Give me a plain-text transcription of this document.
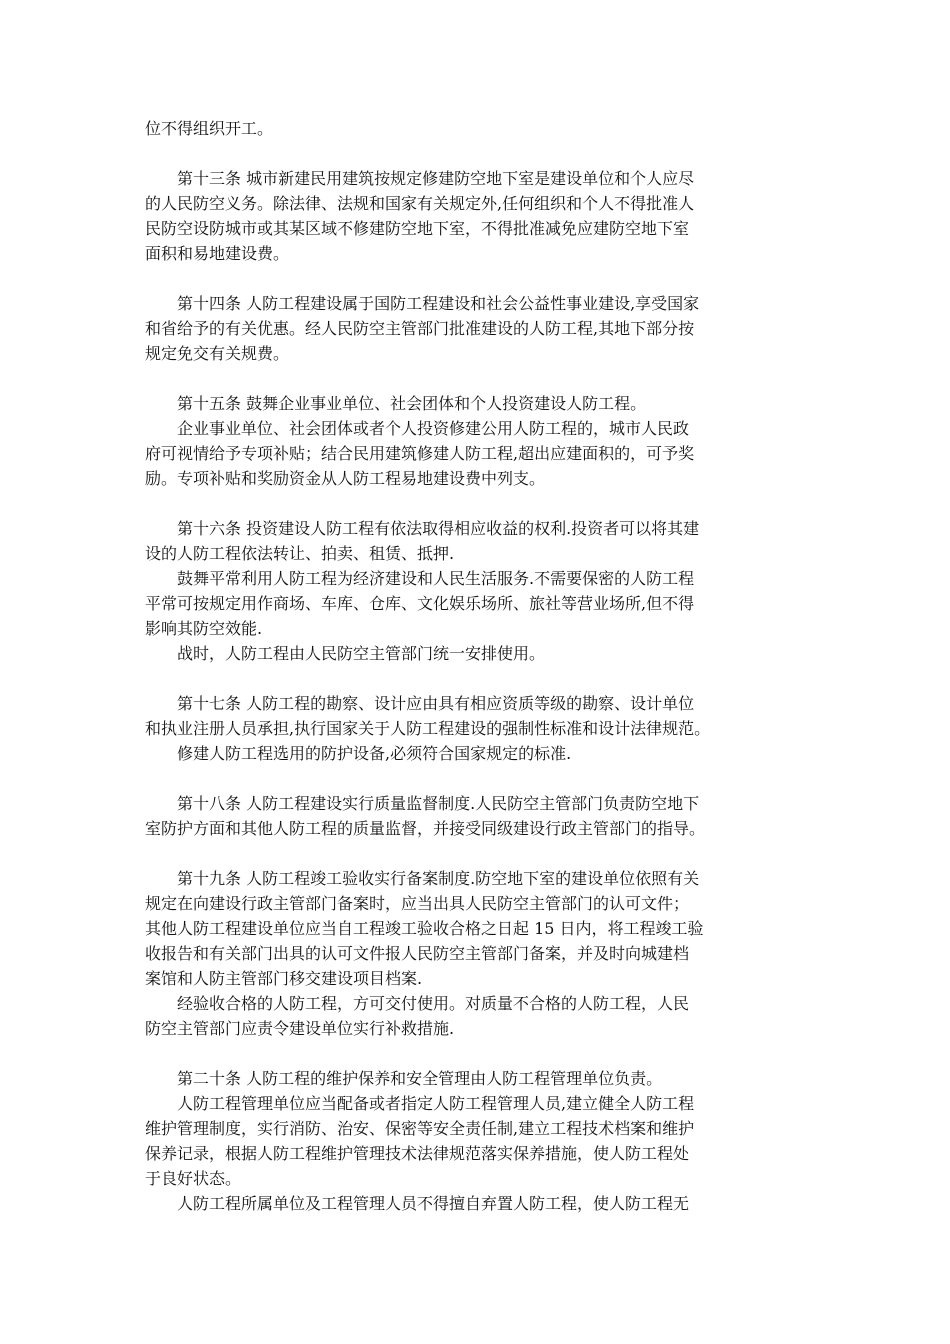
位不得组织开工。

　　第十三条 城市新建民用建筑按规定修建防空地下室是建设单位和个人应尽

的人民防空义务。除法律、法规和国家有关规定外,任何组织和个人不得批准人

民防空设防城市或其某区域不修建防空地下室，不得批准减免应建防空地下室

面积和易地建设费。

　　第十四条 人防工程建设属于国防工程建设和社会公益性事业建设,享受国家

和省给予的有关优惠。经人民防空主管部门批准建设的人防工程,其地下部分按

规定免交有关规费。

　　第十五条 鼓舞企业事业单位、社会团体和个人投资建设人防工程。

　　企业事业单位、社会团体或者个人投资修建公用人防工程的，城市人民政

府可视情给予专项补贴；结合民用建筑修建人防工程,超出应建面积的，可予奖

励。专项补贴和奖励资金从人防工程易地建设费中列支。

　　第十六条 投资建设人防工程有依法取得相应收益的权利.投资者可以将其建

设的人防工程依法转让、拍卖、租赁、抵押.

　　鼓舞平常利用人防工程为经济建设和人民生活服务.不需要保密的人防工程

平常可按规定用作商场、车库、仓库、文化娱乐场所、旅社等营业场所,但不得

影响其防空效能.

　　战时，人防工程由人民防空主管部门统一安排使用。

　　第十七条 人防工程的勘察、设计应由具有相应资质等级的勘察、设计单位

和执业注册人员承担,执行国家关于人防工程建设的强制性标准和设计法律规范。

　　修建人防工程选用的防护设备,必须符合国家规定的标准.

　　第十八条 人防工程建设实行质量监督制度.人民防空主管部门负责防空地下

室防护方面和其他人防工程的质量监督，并接受同级建设行政主管部门的指导。

　　第十九条 人防工程竣工验收实行备案制度.防空地下室的建设单位依照有关

规定在向建设行政主管部门备案时，应当出具人民防空主管部门的认可文件；

其他人防工程建设单位应当自工程竣工验收合格之日起 15 日内，将工程竣工验

收报告和有关部门出具的认可文件报人民防空主管部门备案，并及时向城建档

案馆和人防主管部门移交建设项目档案.

　　经验收合格的人防工程，方可交付使用。对质量不合格的人防工程，人民

防空主管部门应责令建设单位实行补救措施.

　　第二十条 人防工程的维护保养和安全管理由人防工程管理单位负责。

　　人防工程管理单位应当配备或者指定人防工程管理人员,建立健全人防工程

维护管理制度，实行消防、治安、保密等安全责任制,建立工程技术档案和维护

保养记录，根据人防工程维护管理技术法律规范落实保养措施，使人防工程处

于良好状态。

　　人防工程所属单位及工程管理人员不得擅自弃置人防工程，使人防工程无
